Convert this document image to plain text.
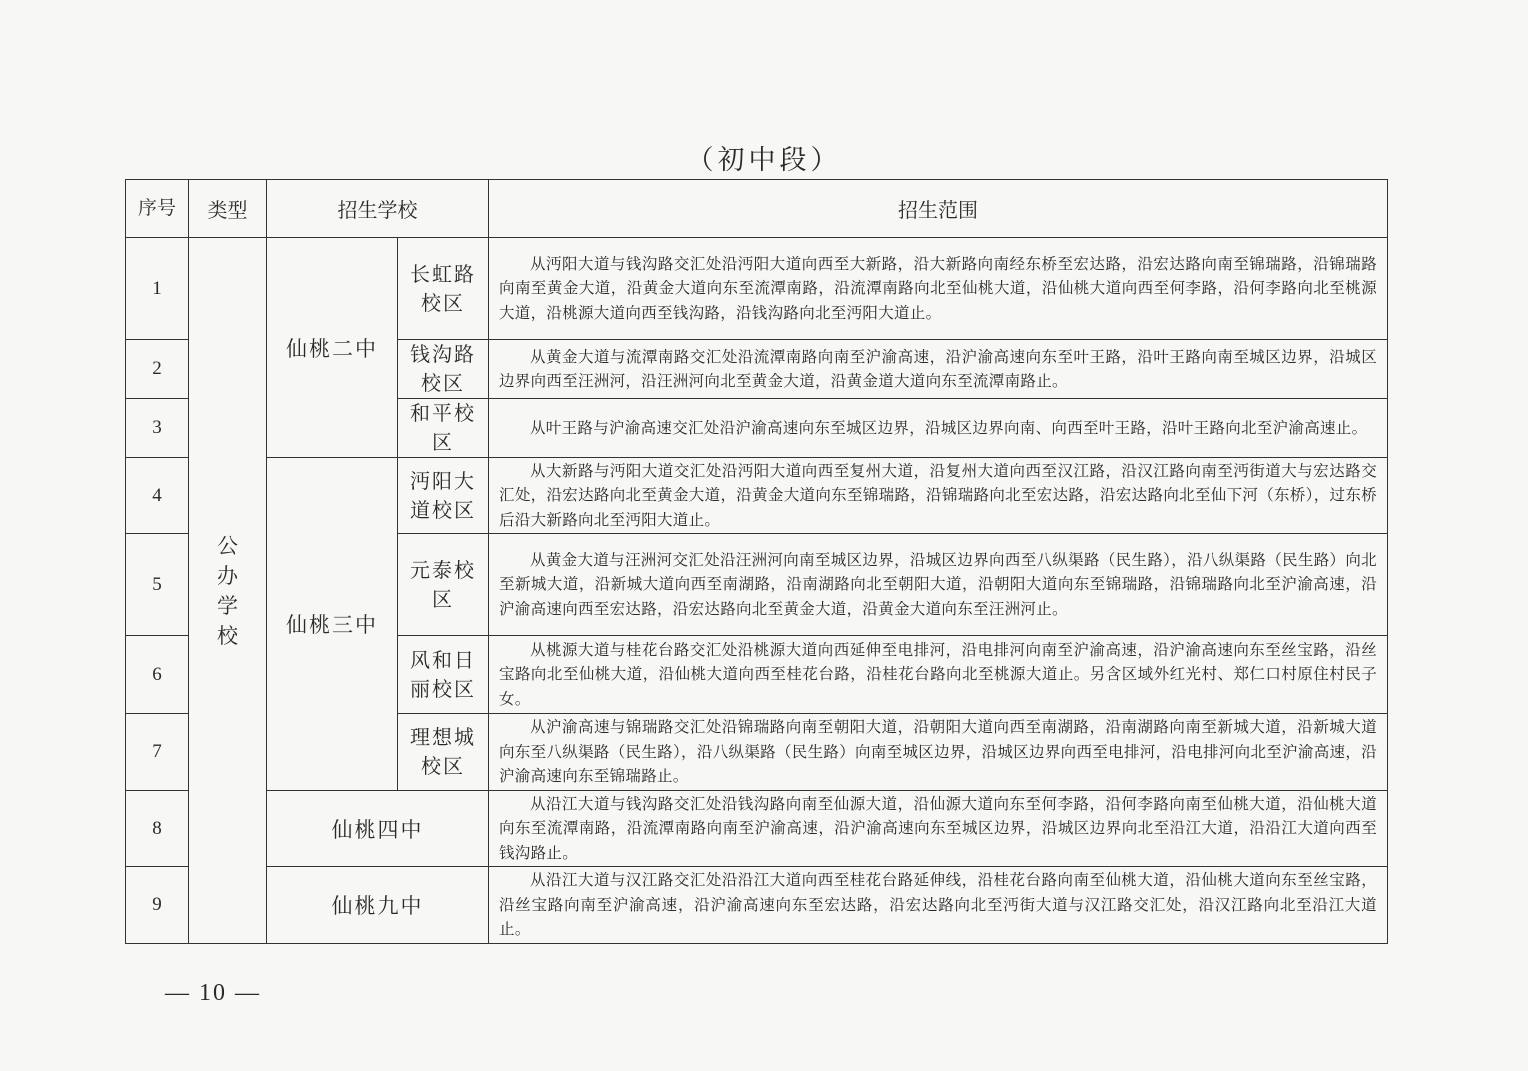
（初中段）
序号	类型	招生学校		招生范围
1	公办学校	仙桃二中	长虹路校区	从沔阳大道与钱沟路交汇处沿沔阳大道向西至大新路，沿大新路向南经东桥至宏达路，沿宏达路向南至锦瑞路，沿锦瑞路向南至黄金大道，沿黄金大道向东至流潭南路，沿流潭南路向北至仙桃大道，沿仙桃大道向西至何李路，沿何李路向北至桃源大道，沿桃源大道向西至钱沟路，沿钱沟路向北至沔阳大道止。
2			钱沟路校区	从黄金大道与流潭南路交汇处沿流潭南路向南至沪渝高速，沿沪渝高速向东至叶王路，沿叶王路向南至城区边界，沿城区边界向西至汪洲河，沿汪洲河向北至黄金大道，沿黄金道大道向东至流潭南路止。
3			和平校区	从叶王路与沪渝高速交汇处沿沪渝高速向东至城区边界，沿城区边界向南、向西至叶王路，沿叶王路向北至沪渝高速止。
4		仙桃三中	沔阳大道校区	从大新路与沔阳大道交汇处沿沔阳大道向西至复州大道，沿复州大道向西至汉江路，沿汉江路向南至沔街道大与宏达路交汇处，沿宏达路向北至黄金大道，沿黄金大道向东至锦瑞路，沿锦瑞路向北至宏达路，沿宏达路向北至仙下河（东桥），过东桥后沿大新路向北至沔阳大道止。
5			元泰校区	从黄金大道与汪洲河交汇处沿汪洲河向南至城区边界，沿城区边界向西至八纵渠路（民生路），沿八纵渠路（民生路）向北至新城大道，沿新城大道向西至南湖路，沿南湖路向北至朝阳大道，沿朝阳大道向东至锦瑞路，沿锦瑞路向北至沪渝高速，沿沪渝高速向西至宏达路，沿宏达路向北至黄金大道，沿黄金大道向东至汪洲河止。
6			风和日丽校区	从桃源大道与桂花台路交汇处沿桃源大道向西延伸至电排河，沿电排河向南至沪渝高速，沿沪渝高速向东至丝宝路，沿丝宝路向北至仙桃大道，沿仙桃大道向西至桂花台路，沿桂花台路向北至桃源大道止。另含区域外红光村、郑仁口村原住村民子女。
7			理想城校区	从沪渝高速与锦瑞路交汇处沿锦瑞路向南至朝阳大道，沿朝阳大道向西至南湖路，沿南湖路向南至新城大道，沿新城大道向东至八纵渠路（民生路），沿八纵渠路（民生路）向南至城区边界，沿城区边界向西至电排河，沿电排河向北至沪渝高速，沿沪渝高速向东至锦瑞路止。
8		仙桃四中		从沿江大道与钱沟路交汇处沿钱沟路向南至仙源大道，沿仙源大道向东至何李路，沿何李路向南至仙桃大道，沿仙桃大道向东至流潭南路，沿流潭南路向南至沪渝高速，沿沪渝高速向东至城区边界，沿城区边界向北至沿江大道，沿沿江大道向西至钱沟路止。
9		仙桃九中		从沿江大道与汉江路交汇处沿沿江大道向西至桂花台路延伸线，沿桂花台路向南至仙桃大道，沿仙桃大道向东至丝宝路，沿丝宝路向南至沪渝高速，沿沪渝高速向东至宏达路，沿宏达路向北至沔街大道与汉江路交汇处，沿汉江路向北至沿江大道止。
— 10 —
